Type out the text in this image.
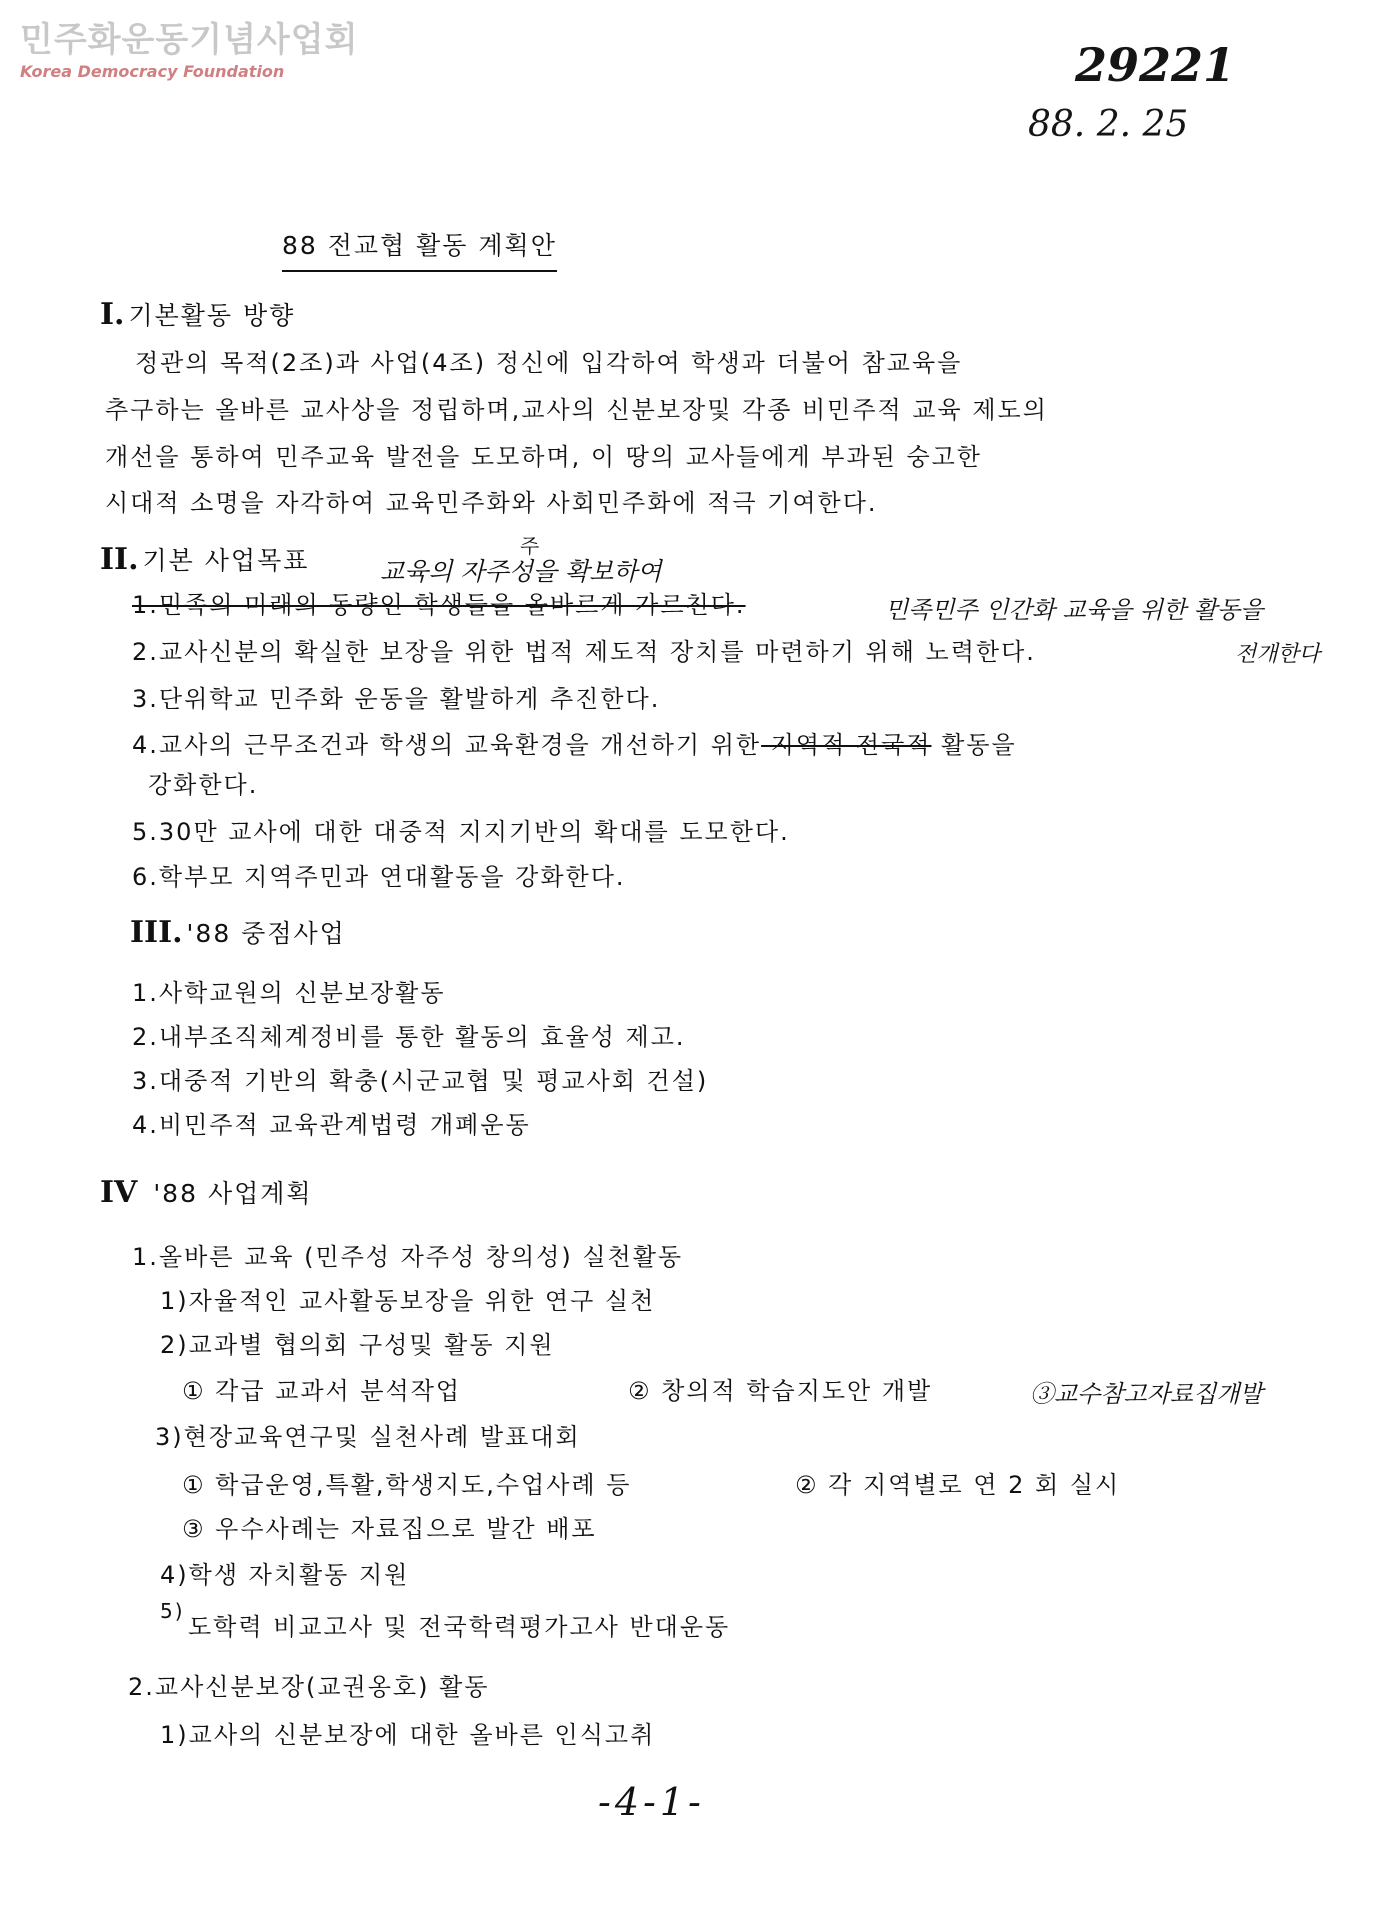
민주화운동기념사업회
Korea Democracy Foundation	29221
88. 2. 25
88 전교협 활동 계획안
I. 기본활동 방향
정관의 목적(2조)과 사업(4조) 정신에 입각하여 학생과 더불어 참교육을
추구하는 올바른 교사상을 정립하며,교사의 신분보장및 각종 비민주적 교육 제도의
개선을 통하여 민주교육 발전을 도모하며, 이 땅의 교사들에게 부과된 숭고한
시대적 소명을 자각하여 교육민주화와 사회민주화에 적극 기여한다.
II. 기본 사업목표	교육의 자주성을 확보하여
주
1.민족의 미래의 동량인 학생들을 올바르게 가르친다.	민족민주 인간화 교육을 위한 활동을
2.교사신분의 확실한 보장을 위한 법적 제도적 장치를 마련하기 위해 노력한다.	전개한다
3.단위학교 민주화 운동을 활발하게 추진한다.
4.교사의 근무조건과 학생의 교육환경을 개선하기 위한 지역적 전국적 활동을
강화한다.
5.30만 교사에 대한 대중적 지지기반의 확대를 도모한다.
6.학부모 지역주민과 연대활동을 강화한다.
III. '88 중점사업
1.사학교원의 신분보장활동
2.내부조직체계정비를 통한 활동의 효율성 제고.
3.대중적 기반의 확충(시군교협 및 평교사회 건설)
4.비민주적 교육관계법령 개폐운동
IV '88 사업계획
1.올바른 교육 (민주성 자주성 창의성) 실천활동
1)자율적인 교사활동보장을 위한 연구 실천
2)교과별 협의회 구성및 활동 지원
① 각급 교과서 분석작업	② 창의적 학습지도안 개발	③교수참고자료집개발
3)현장교육연구및 실천사례 발표대회
① 학급운영,특활,학생지도,수업사례 등	② 각 지역별로 연 2 회 실시
③ 우수사례는 자료집으로 발간 배포
4)학생 자치활동 지원
5)
도학력 비교고사 및 전국학력평가고사 반대운동
2.교사신분보장(교권옹호) 활동
1)교사의 신분보장에 대한 올바른 인식고취
-4-1-
